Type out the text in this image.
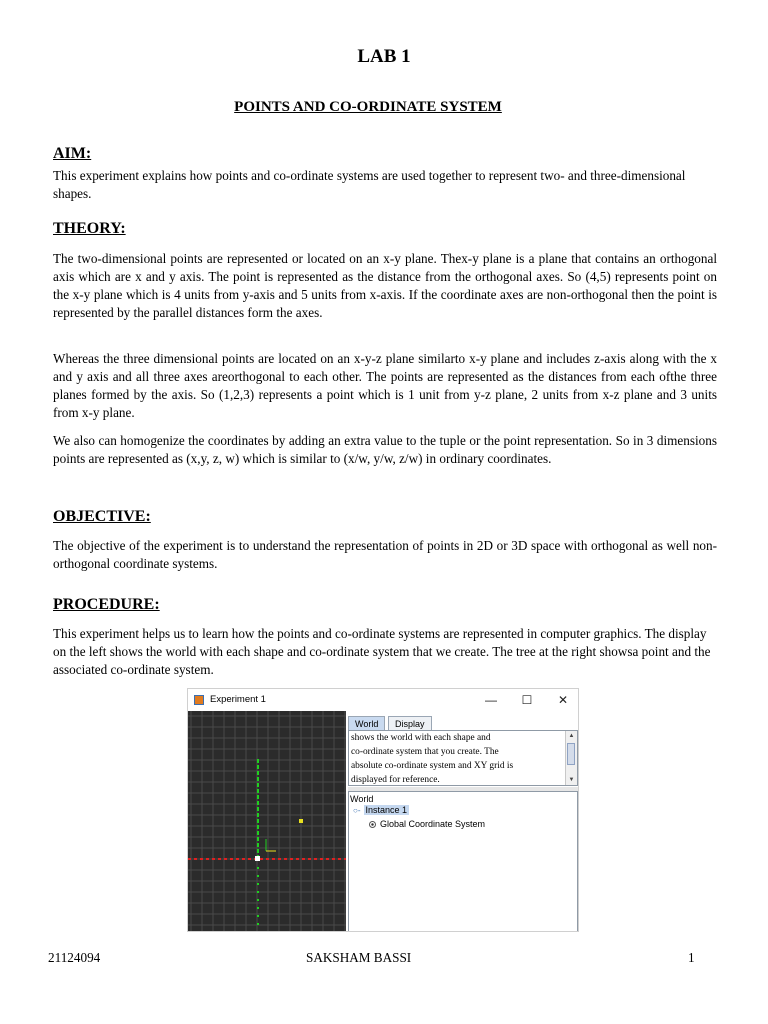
LAB 1
POINTS AND CO-ORDINATE SYSTEM
AIM:

This experiment explains how points and co-ordinate systems are used together to represent two- and three-dimensional shapes.

THEORY:

The two-dimensional points are represented or located on an x-y plane. Thex-y plane is a plane that contains an orthogonal axis which are x and y axis. The point is represented as the distance from the orthogonal axes. So (4,5) represents point on the x-y plane which is 4 units from y-axis and 5 units from x-axis. If the coordinate axes are non-orthogonal then the point is represented by the parallel distances form the axes.

Whereas the three dimensional points are located on an x-y-z plane similarto x-y plane and includes z-axis along with the x and y axis and all three axes areorthogonal to each other. The points are represented as the distances from each ofthe three planes formed by the axis. So (1,2,3) represents a point which is 1 unit from y-z plane, 2 units from x-z plane and 3 units from x-y plane.

We also can homogenize the coordinates by adding an extra value to the tuple or the point representation. So in 3 dimensions points are represented as (x,y, z, w) which is similar to (x/w, y/w, z/w) in ordinary coordinates.

OBJECTIVE:

The objective of the experiment is to understand the representation of points in 2D or 3D space with orthogonal as well non-orthogonal coordinate systems.

PROCEDURE:

This experiment helps us to learn how the points and co-ordinate systems are represented in computer graphics. The display on the left shows the world with each shape and co-ordinate system that we create. The tree at the right showsa point and the associated co-ordinate system.

Experiment 1	—	☐	✕
World	Display
shows the world with each shape and
co-ordinate system that you create. The
absolute co-ordinate system and XY grid is
displayed for reference.
▲
▼
World
○- Instance 1
Global Coordinate System
21124094	SAKSHAM BASSI	1
